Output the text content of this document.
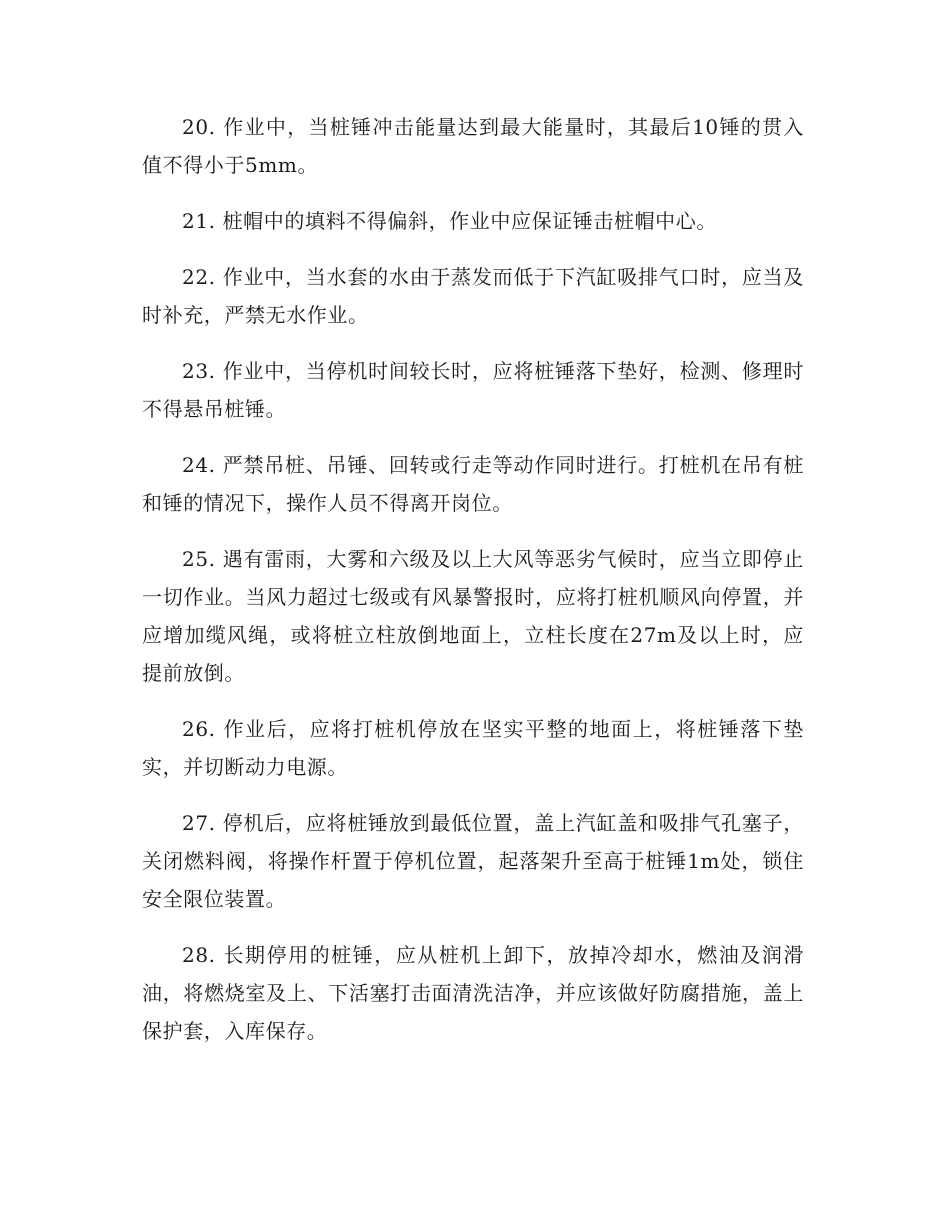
20. 作业中，当桩锤冲击能量达到最大能量时，其最后10锤的贯入值不得小于5mm。

21. 桩帽中的填料不得偏斜，作业中应保证锤击桩帽中心。

22. 作业中，当水套的水由于蒸发而低于下汽缸吸排气口时，应当及时补充，严禁无水作业。

23. 作业中，当停机时间较长时，应将桩锤落下垫好，检测、修理时不得悬吊桩锤。

24. 严禁吊桩、吊锤、回转或行走等动作同时进行。打桩机在吊有桩和锤的情况下，操作人员不得离开岗位。

25. 遇有雷雨，大雾和六级及以上大风等恶劣气候时，应当立即停止一切作业。当风力超过七级或有风暴警报时，应将打桩机顺风向停置，并应增加缆风绳，或将桩立柱放倒地面上，立柱长度在27m及以上时，应提前放倒。

26. 作业后，应将打桩机停放在坚实平整的地面上，将桩锤落下垫实，并切断动力电源。

27. 停机后，应将桩锤放到最低位置，盖上汽缸盖和吸排气孔塞子，关闭燃料阀，将操作杆置于停机位置，起落架升至高于桩锤1m处，锁住安全限位装置。

28. 长期停用的桩锤，应从桩机上卸下，放掉冷却水，燃油及润滑油，将燃烧室及上、下活塞打击面清洗洁净，并应该做好防腐措施，盖上保护套，入库保存。
